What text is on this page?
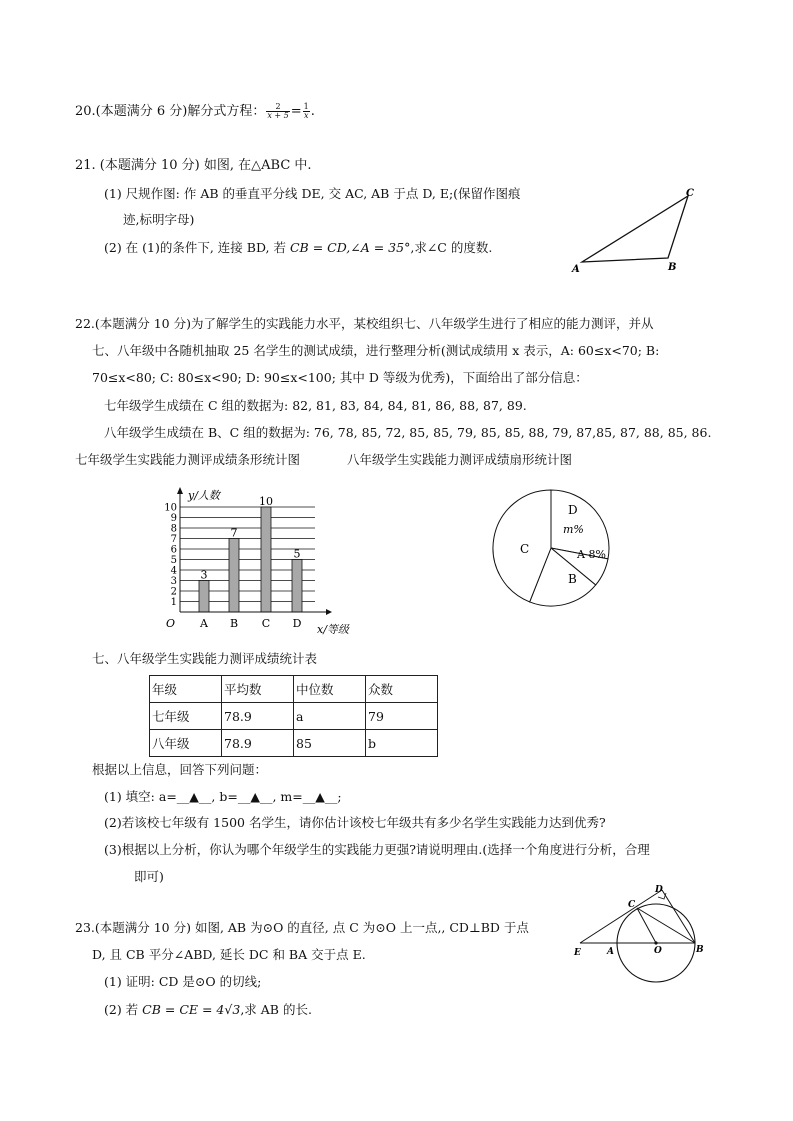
20.(本题满分 6 分)解分式方程： $\frac{2}{x + 5} = \frac{1}{x}$ .
21. (本题满分 10 分) 如图, 在△ABC 中.
(1) 尺规作图: 作 AB 的垂直平分线 DE, 交 AC, AB 于点 D, E;(保留作图痕
迹,标明字母)
(2) 在 (1)的条件下, 连接 BD, 若 CB = CD,∠A = 35°,求∠C 的度数.
A	B
C
22.(本题满分 10 分)为了解学生的实践能力水平，某校组织七、八年级学生进行了相应的能力测评，并从
七、八年级中各随机抽取 25 名学生的测试成绩，进行整理分析(测试成绩用 x 表示，A: 60≤x<70; B:
70≤x<80; C: 80≤x<90; D: 90≤x<100; 其中 D 等级为优秀)，下面给出了部分信息：
七年级学生成绩在 C 组的数据为: 82, 81, 83, 84, 84, 81, 86, 88, 87, 89.
八年级学生成绩在 B、C 组的数据为: 76, 78, 85, 72, 85, 85, 79, 85, 85, 88, 79, 87,85, 87, 88, 85, 86.
七年级学生实践能力测评成绩条形统计图	八年级学生实践能力测评成绩扇形统计图
3
7
10
5
1
2
3
4
5
6
7
8
9
10
A B C D
y/人数
x/等级
O
C
D
m%
A 8%
B
七、八年级学生实践能力测评成绩统计表
年级	平均数	中位数	众数
七年级	78.9	a	79
八年级	78.9	85	b
根据以上信息，回答下列问题：
(1) 填空: a=__▲__, b=__▲__, m=__▲__;
(2)若该校七年级有 1500 名学生，请你估计该校七年级共有多少名学生实践能力达到优秀?
(3)根据以上分析，你认为哪个年级学生的实践能力更强?请说明理由.(选择一个角度进行分析，合理
即可)
23.(本题满分 10 分) 如图, AB 为⊙O 的直径, 点 C 为⊙O 上一点,, CD⊥BD 于点
D, 且 CB 平分∠ABD, 延长 DC 和 BA 交于点 E.
(1) 证明: CD 是⊙O 的切线;
(2) 若 CB = CE = 4√3,求 AB 的长.
D
C
E	A	O	B
